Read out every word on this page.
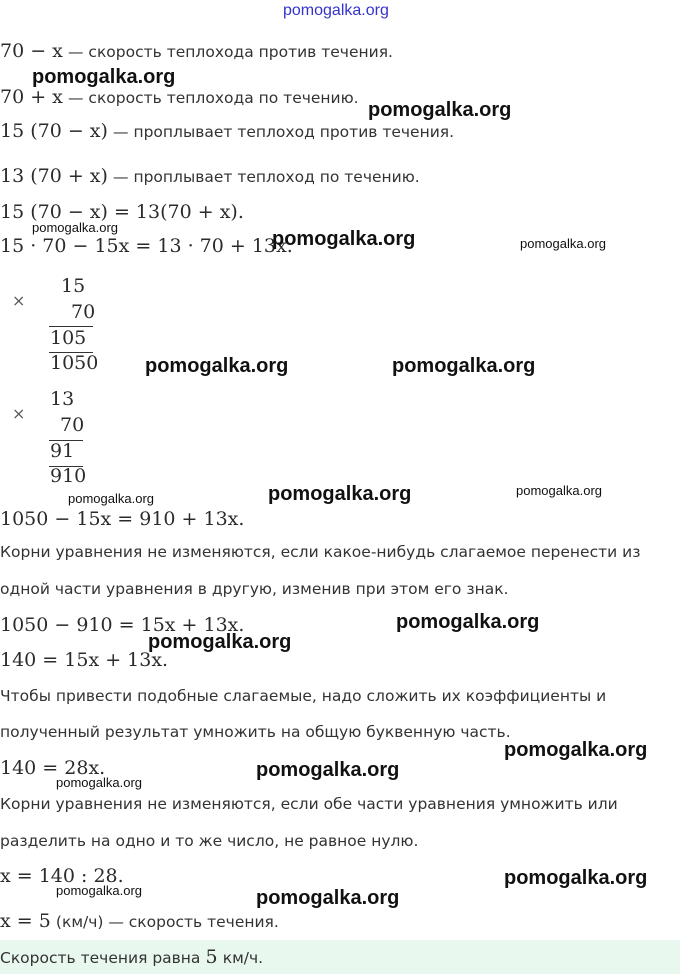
pomogalka.org
70 − x — скорость теплохода против течения.
pomogalka.org
70 + x — скорость теплохода по течению.
pomogalka.org
15 (70 − x) — проплывает теплоход против течения.
13 (70 + x) — проплывает теплоход по течению.
15 (70 − x) = 13(70 + x).
pomogalka.org
15 · 70 − 15x = 13 · 70 + 13x.
pomogalka.org	pomogalka.org
×
15
70
105
1050 pomogalka.org	pomogalka.org
×
13
70
91
910
pomogalka.org	pomogalka.org	pomogalka.org
1050 − 15x = 910 + 13x.
Корни уравнения не изменяются, если какое-нибудь слагаемое перенести из
одной части уравнения в другую, изменив при этом его знак.
1050 − 910 = 15x + 13x.	pomogalka.org
pomogalka.org
140 = 15x + 13x.
Чтобы привести подобные слагаемые, надо сложить их коэффициенты и
полученный результат умножить на общую буквенную часть.
pomogalka.org
140 = 28x.	pomogalka.org
pomogalka.org
Корни уравнения не изменяются, если обе части уравнения умножить или
разделить на одно и то же число, не равное нулю.
x = 140 : 28.	pomogalka.org
pomogalka.org	pomogalka.org
x = 5 (км/ч) — скорость течения.
Скорость течения равна 5 км/ч.
